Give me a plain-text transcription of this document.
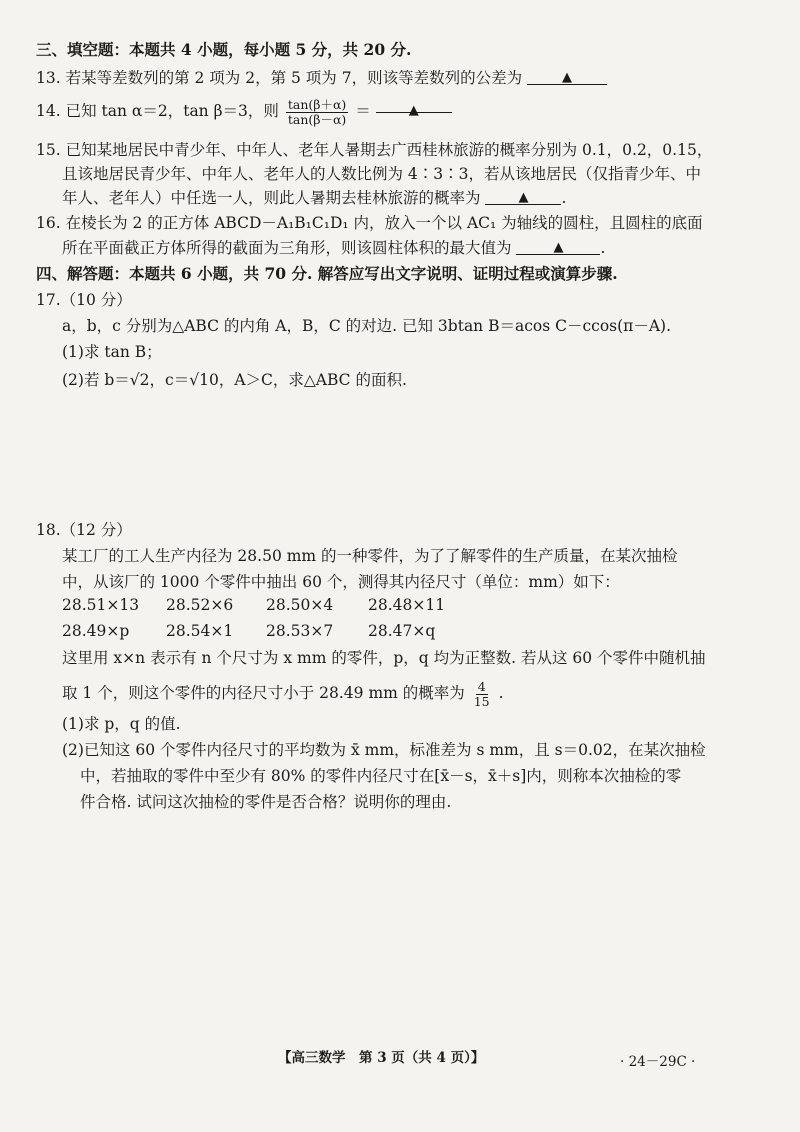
三、填空题：本题共 4 小题，每小题 5 分，共 20 分.
13. 若某等差数列的第 2 项为 2，第 5 项为 7，则该等差数列的公差为	▲
14. 已知 tan α＝2，tan β＝3，则 $\frac{\tan(\beta+\alpha)}{\tan(\beta-\alpha)}$ ＝	▲
15. 已知某地居民中青少年、中年人、老年人暑期去广西桂林旅游的概率分别为 0.1，0.2，0.15，
且该地居民青少年、中年人、老年人的人数比例为 4∶3∶3，若从该地居民（仅指青少年、中
年人、老年人）中任选一人，则此人暑期去桂林旅游的概率为	▲ .
16. 在棱长为 2 的正方体 ABCD－A₁B₁C₁D₁ 内，放入一个以 AC₁ 为轴线的圆柱，且圆柱的底面
所在平面截正方体所得的截面为三角形，则该圆柱体积的最大值为	▲ .
四、解答题：本题共 6 小题，共 70 分. 解答应写出文字说明、证明过程或演算步骤.
17.（10 分）
a，b，c 分别为△ABC 的内角 A，B，C 的对边. 已知 3btan B＝acos C－ccos(π－A).
(1)求 tan B；
(2)若 b＝√2，c＝√10，A＞C，求△ABC 的面积.
18.（12 分）
某工厂的工人生产内径为 28.50 mm 的一种零件，为了了解零件的生产质量，在某次抽检
中，从该厂的 1000 个零件中抽出 60 个，测得其内径尺寸（单位：mm）如下：
28.51×13 28.52×6 28.50×4 28.48×11
28.49×p 28.54×1 28.53×7 28.47×q
这里用 x×n 表示有 n 个尺寸为 x mm 的零件，p，q 均为正整数. 若从这 60 个零件中随机抽
取 1 个，则这个零件的内径尺寸小于 28.49 mm 的概率为 $\frac{4}{15}$ .
(1)求 p，q 的值.
(2)已知这 60 个零件内径尺寸的平均数为 x̄ mm，标准差为 s mm，且 s＝0.02，在某次抽检
中，若抽取的零件中至少有 80% 的零件内径尺寸在[x̄－s，x̄＋s]内，则称本次抽检的零
件合格. 试问这次抽检的零件是否合格？说明你的理由.
【高三数学　第 3 页（共 4 页）】	· 24－29C ·
